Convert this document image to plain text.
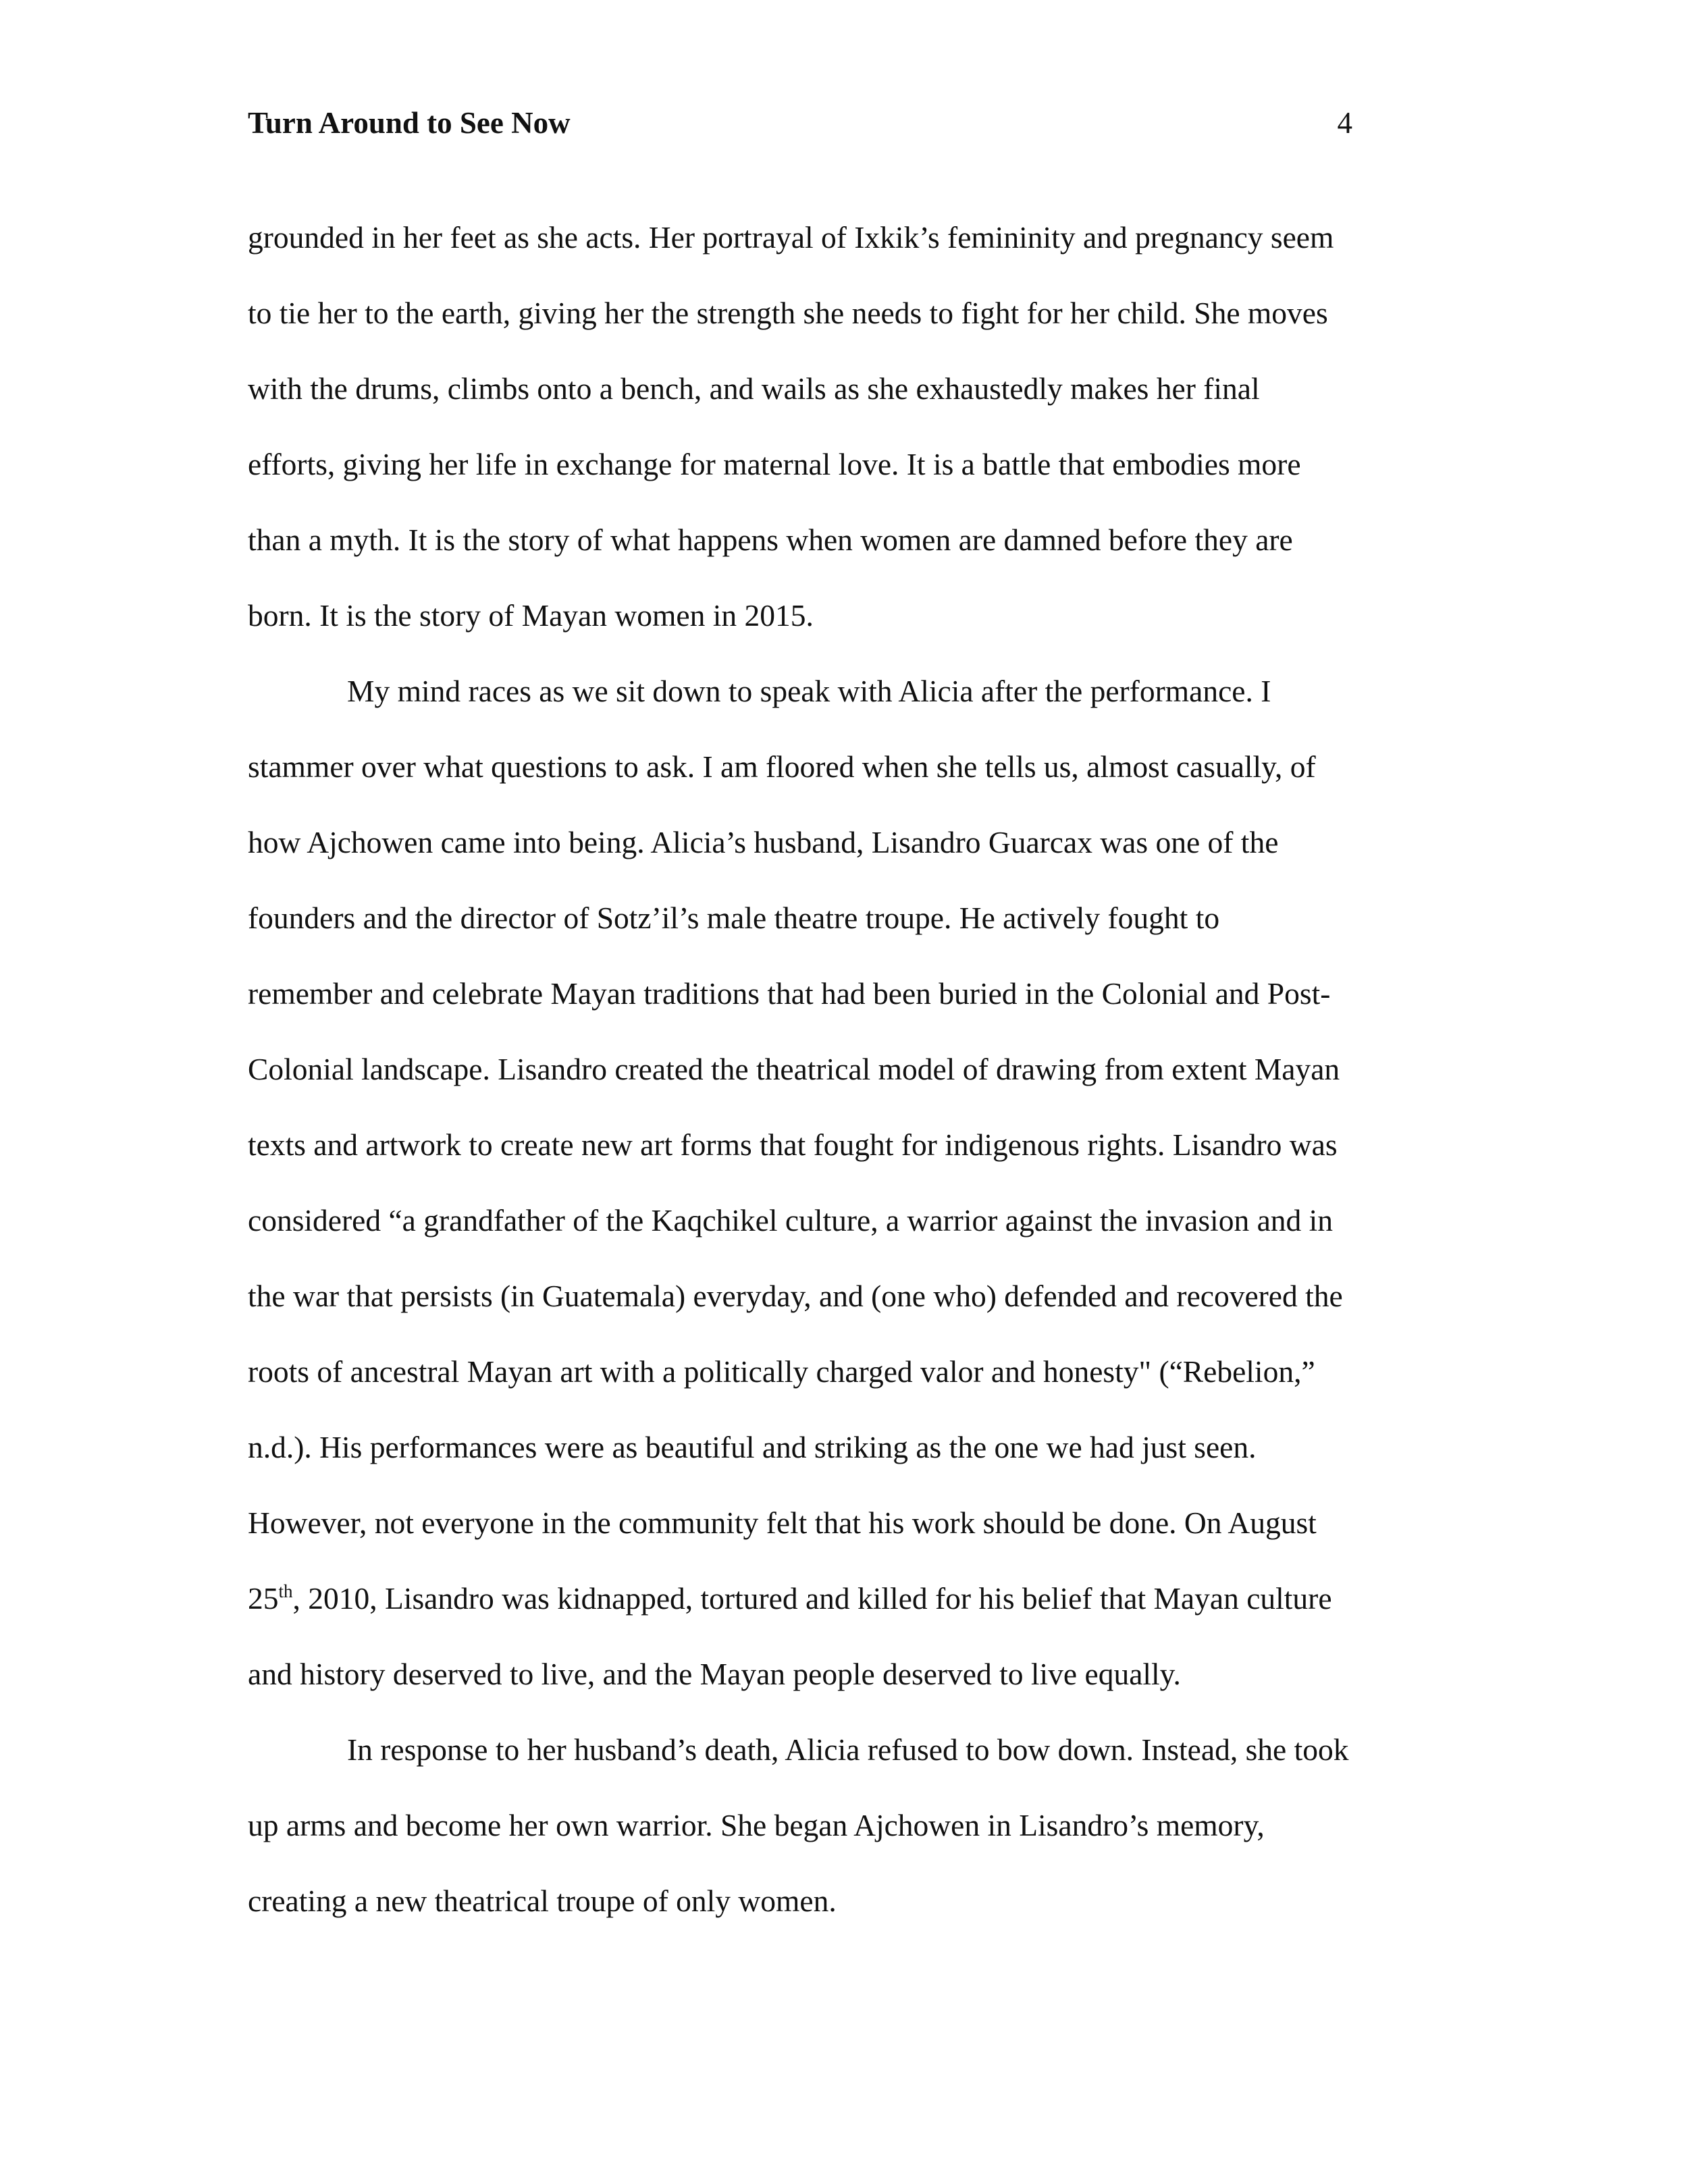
Turn Around to See Now	4
grounded in her feet as she acts. Her portrayal of Ixkik’s femininity and pregnancy seem
to tie her to the earth, giving her the strength she needs to fight for her child. She moves
with the drums, climbs onto a bench, and wails as she exhaustedly makes her final
efforts, giving her life in exchange for maternal love. It is a battle that embodies more
than a myth. It is the story of what happens when women are damned before they are
born. It is the story of Mayan women in 2015.
My mind races as we sit down to speak with Alicia after the performance. I
stammer over what questions to ask. I am floored when she tells us, almost casually, of
how Ajchowen came into being. Alicia’s husband, Lisandro Guarcax was one of the
founders and the director of Sotz’il’s male theatre troupe. He actively fought to
remember and celebrate Mayan traditions that had been buried in the Colonial and Post-
Colonial landscape. Lisandro created the theatrical model of drawing from extent Mayan
texts and artwork to create new art forms that fought for indigenous rights. Lisandro was
considered “a grandfather of the Kaqchikel culture, a warrior against the invasion and in
the war that persists (in Guatemala) everyday, and (one who) defended and recovered the
roots of ancestral Mayan art with a politically charged valor and honesty" (“Rebelion,”
n.d.). His performances were as beautiful and striking as the one we had just seen.
However, not everyone in the community felt that his work should be done. On August
25th, 2010, Lisandro was kidnapped, tortured and killed for his belief that Mayan culture
and history deserved to live, and the Mayan people deserved to live equally.
In response to her husband’s death, Alicia refused to bow down. Instead, she took
up arms and become her own warrior. She began Ajchowen in Lisandro’s memory,
creating a new theatrical troupe of only women.
